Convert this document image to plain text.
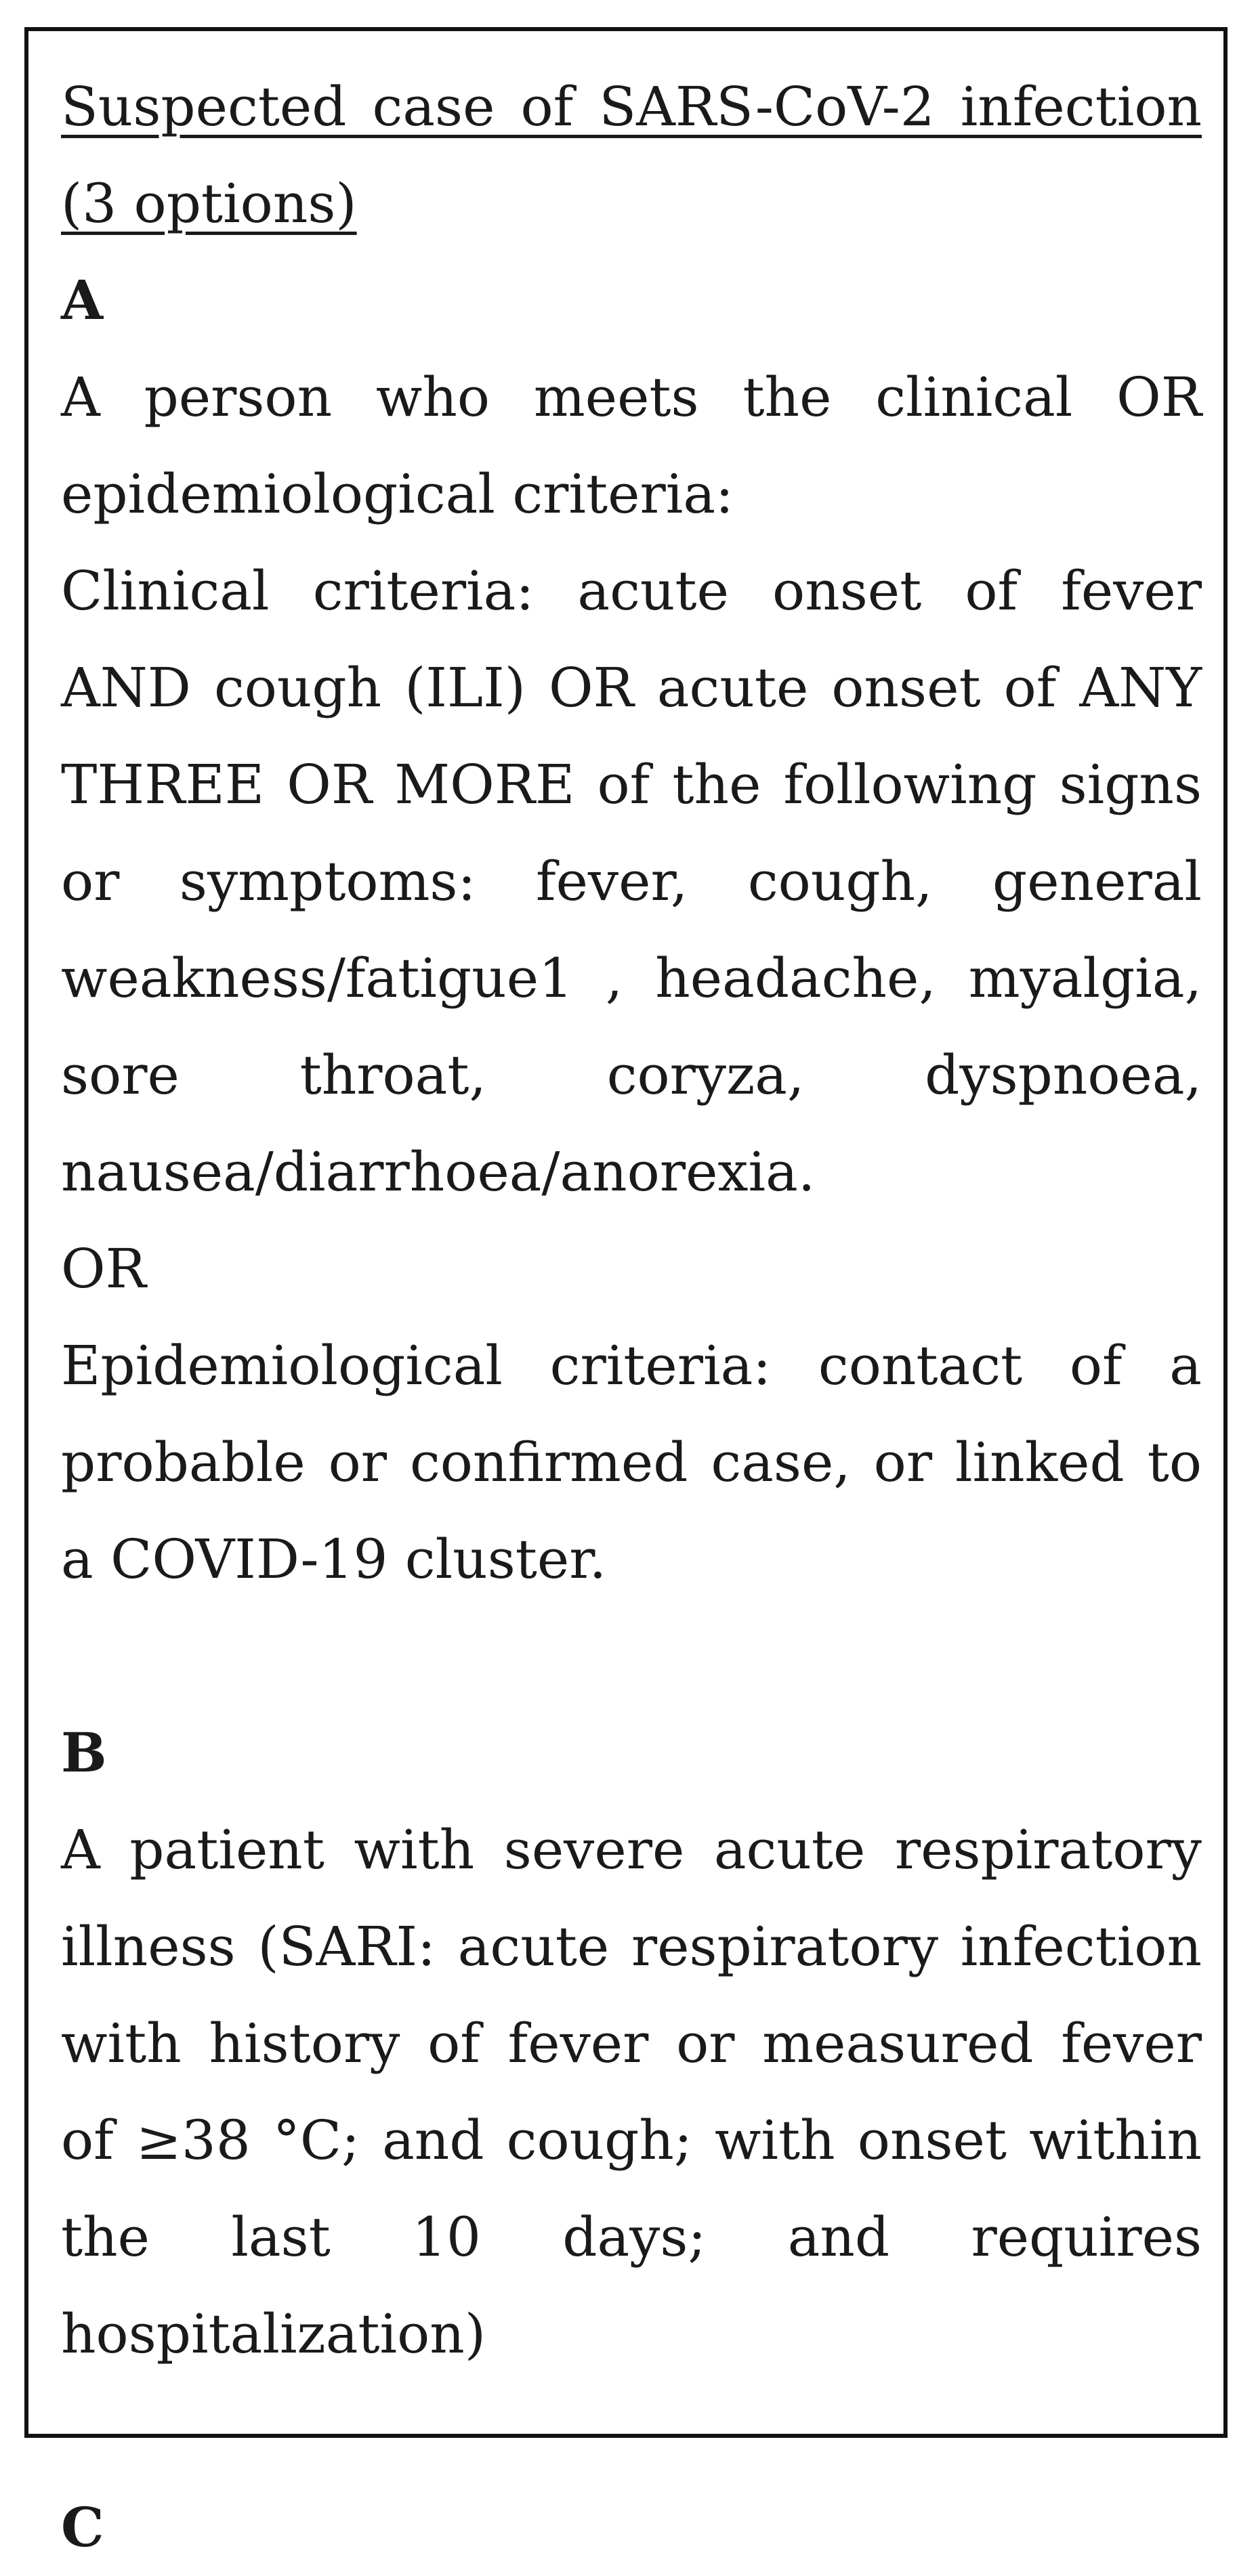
Suspected case of SARS-CoV-2 infection (3 options)

A

A person who meets the clinical OR epidemiological criteria:

Clinical criteria: acute onset of fever AND cough (ILI) OR acute onset of ANY THREE OR MORE of the following signs or symptoms: fever, cough, general weakness/fatigue1 , headache, myalgia, sore throat, coryza, dyspnoea, nausea/diarrhoea/anorexia.

OR

Epidemiological criteria: contact of a probable or confirmed case, or linked to a COVID-19 cluster.

B

A patient with severe acute respiratory illness (SARI: acute respiratory infection with history of fever or measured fever of ≥38 °C; and cough; with onset within the last 10 days; and requires hospitalization)

C
